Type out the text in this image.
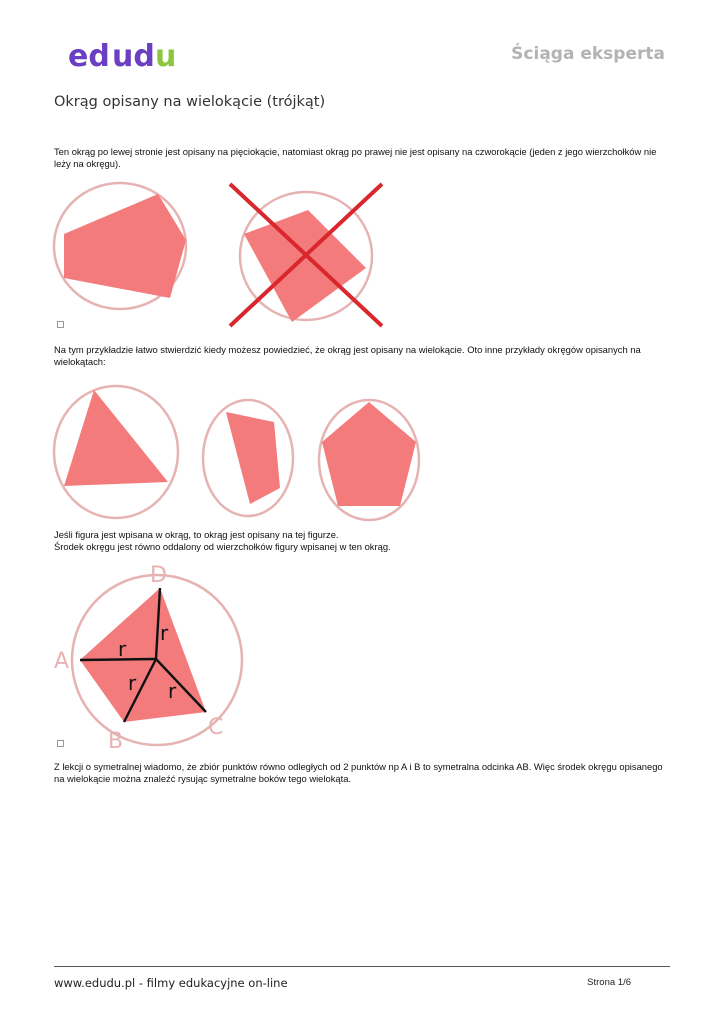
ed ud u	Ściąga eksperta
Okrąg opisany na wielokącie (trójkąt)
Ten okrąg po lewej stronie jest opisany na pięciokącie, natomiast okrąg po prawej nie jest opisany na czworokącie (jeden z jego wierzchołków nie leży na okręgu).
Na tym przykładzie łatwo stwierdzić kiedy możesz powiedzieć, że okrąg jest opisany na wielokącie. Oto inne przykłady okręgów opisanych na wielokątach:
Jeśli figura jest wpisana w okrąg, to okrąg jest opisany na tej figurze.
Środek okręgu jest równo oddalony od wierzchołków figury wpisanej w ten okrąg.
D
A
B
C
r
r
r r
Z lekcji o symetralnej wiadomo, że zbiór punktów równo odległych od 2 punktów np A i B to symetralna odcinka AB. Więc środek okręgu opisanego na wielokącie można znaleźć rysując symetralne boków tego wielokąta.
www.edudu.pl - filmy edukacyjne on-line	Strona 1/6
